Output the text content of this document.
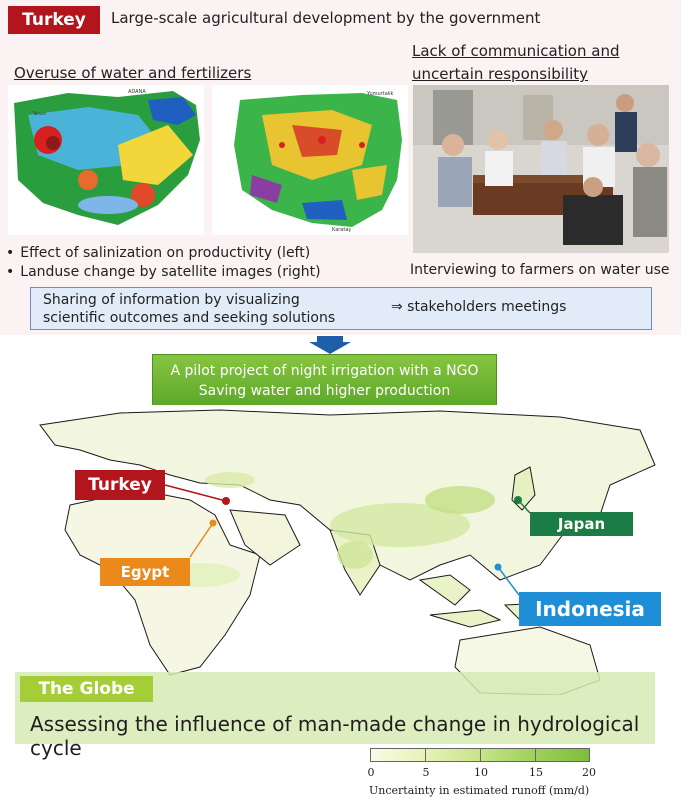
Turkey	Large-scale agricultural development by the government
Overuse of water and fertilizers
Lack of communication and
uncertain responsibility
ADANA
Tarsus
Yumurtalık
Karataş
• Effect of salinization on productivity (left)
• Landuse change by satellite images (right)	Interviewing to farmers on water use
Sharing of information by visualizing
scientific outcomes and seeking solutions
⇒ stakeholders meetings
A pilot project of night irrigation with a NGO
Saving water and higher production
Turkey
Japan
Egypt
Indonesia
The Globe
Assessing the influence of man-made change in hydrological cycle
0	5	10	15	20
Uncertainty in estimated runoff (mm/d)
